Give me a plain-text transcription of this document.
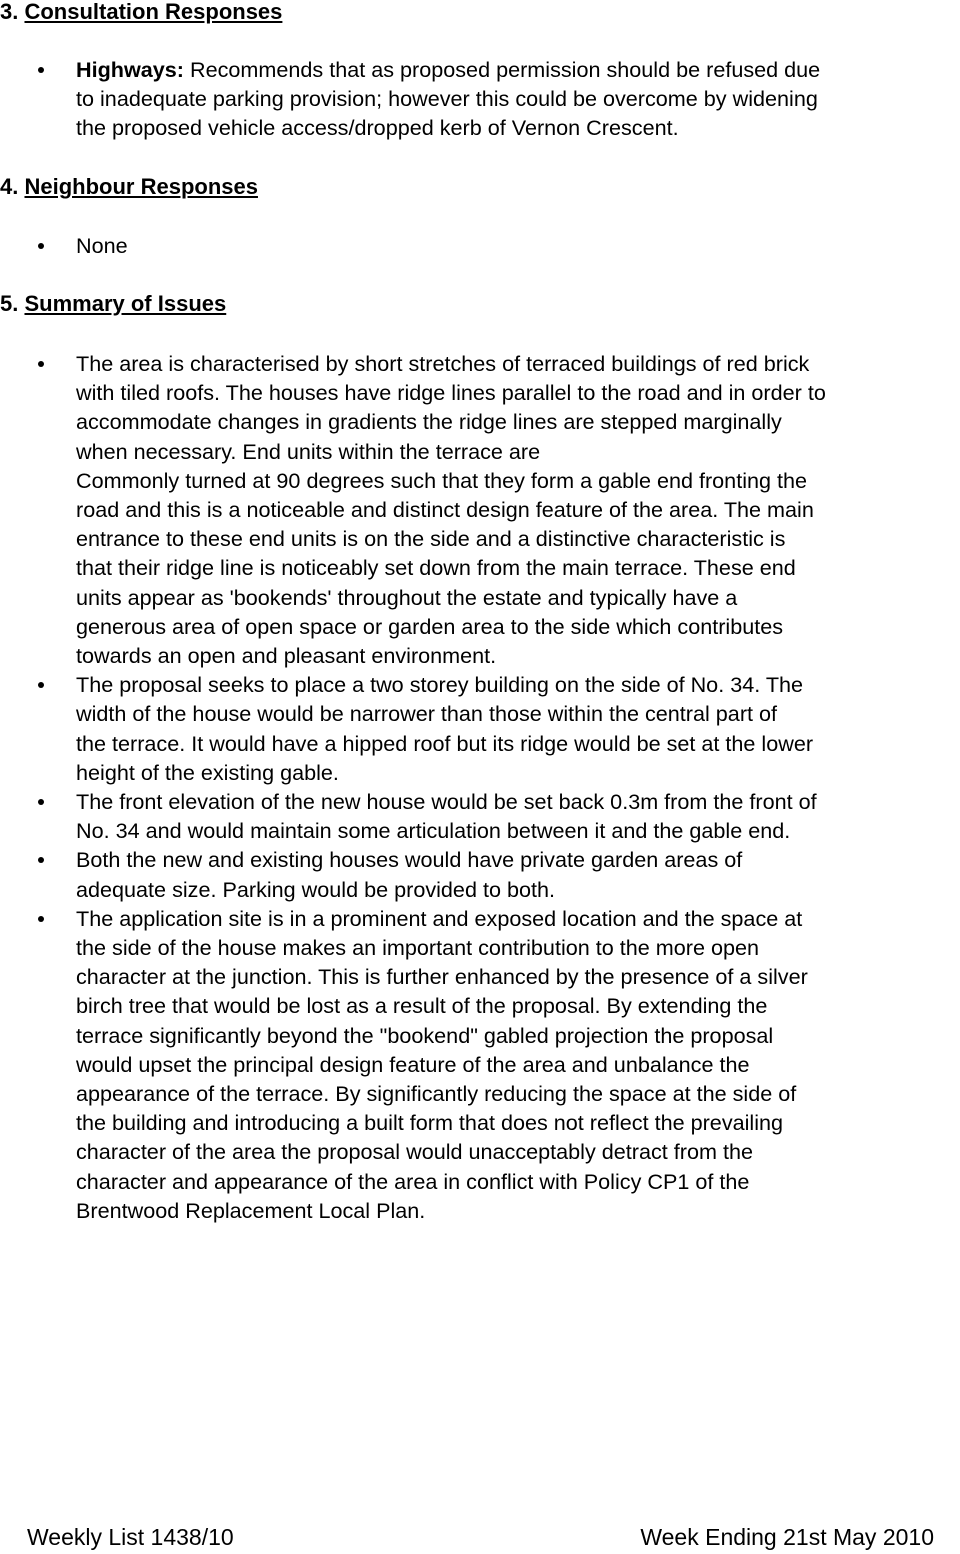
3. Consultation Responses
Highways: Recommends that as proposed permission should be refused due
to inadequate parking provision; however this could be overcome by widening
the proposed vehicle access/dropped kerb of Vernon Crescent.
4. Neighbour Responses
None
5. Summary of Issues
The area is characterised by short stretches of terraced buildings of red brick
with tiled roofs. The houses have ridge lines parallel to the road and in order to
accommodate changes in gradients the ridge lines are stepped marginally
when necessary. End units within the terrace are
Commonly turned at 90 degrees such that they form a gable end fronting the
road and this is a noticeable and distinct design feature of the area. The main
entrance to these end units is on the side and a distinctive characteristic is
that their ridge line is noticeably set down from the main terrace. These end
units appear as 'bookends' throughout the estate and typically have a
generous area of open space or garden area to the side which contributes
towards an open and pleasant environment.
The proposal seeks to place a two storey building on the side of No. 34. The
width of the house would be narrower than those within the central part of
the terrace. It would have a hipped roof but its ridge would be set at the lower
height of the existing gable.
The front elevation of the new house would be set back 0.3m from the front of
No. 34 and would maintain some articulation between it and the gable end.
Both the new and existing houses would have private garden areas of
adequate size. Parking would be provided to both.
The application site is in a prominent and exposed location and the space at
the side of the house makes an important contribution to the more open
character at the junction. This is further enhanced by the presence of a silver
birch tree that would be lost as a result of the proposal. By extending the
terrace significantly beyond the "bookend" gabled projection the proposal
would upset the principal design feature of the area and unbalance the
appearance of the terrace. By significantly reducing the space at the side of
the building and introducing a built form that does not reflect the prevailing
character of the area the proposal would unacceptably detract from the
character and appearance of the area in conflict with Policy CP1 of the
Brentwood Replacement Local Plan.
Weekly List 1438/10	Week Ending 21st May 2010
